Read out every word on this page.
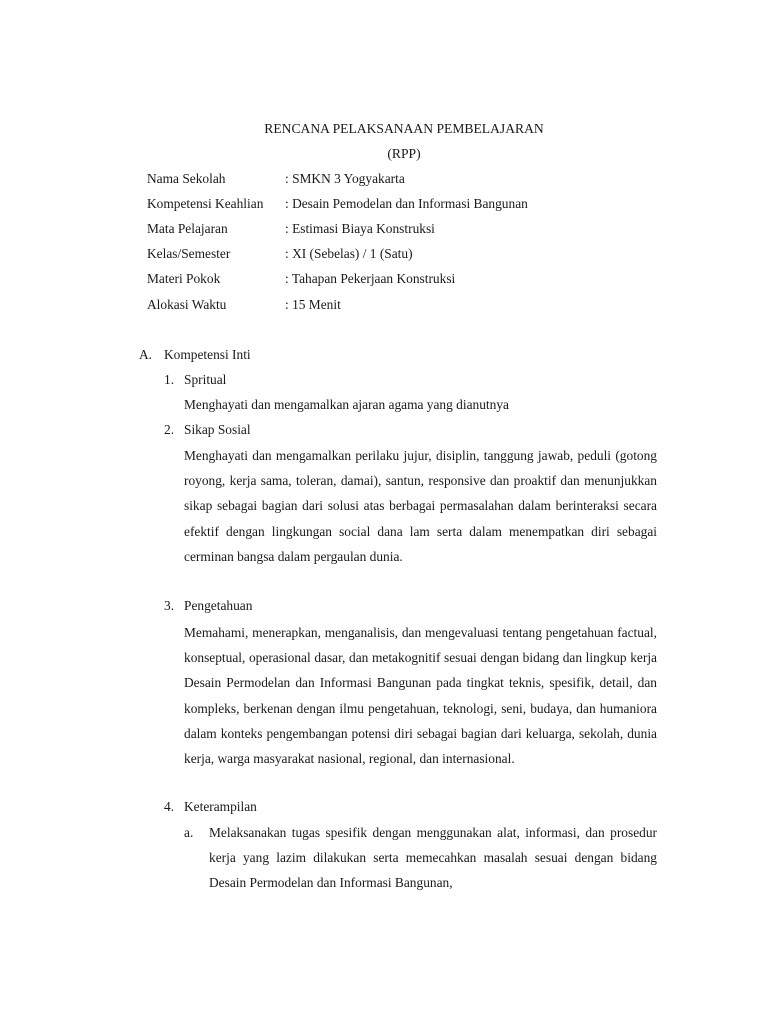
RENCANA PELAKSANAAN PEMBELAJARAN
(RPP)
Nama Sekolah	: SMKN 3 Yogyakarta
Kompetensi Keahlian : Desain Pemodelan dan Informasi Bangunan
Mata Pelajaran	: Estimasi Biaya Konstruksi
Kelas/Semester	: XI (Sebelas) / 1 (Satu)
Materi Pokok	: Tahapan Pekerjaan Konstruksi
Alokasi Waktu	: 15 Menit
A. Kompetensi Inti
1. Spritual
Menghayati dan mengamalkan ajaran agama yang dianutnya
2. Sikap Sosial
Menghayati dan mengamalkan perilaku jujur, disiplin, tanggung jawab, peduli (gotong royong, kerja sama, toleran, damai), santun, responsive dan proaktif dan menunjukkan sikap sebagai bagian dari solusi atas berbagai permasalahan dalam berinteraksi secara efektif dengan lingkungan social dana lam serta dalam menempatkan diri sebagai cerminan bangsa dalam pergaulan dunia.
3. Pengetahuan
Memahami, menerapkan, menganalisis, dan mengevaluasi tentang pengetahuan factual, konseptual, operasional dasar, dan metakognitif sesuai dengan bidang dan lingkup kerja Desain Permodelan dan Informasi Bangunan pada tingkat teknis, spesifik, detail, dan kompleks, berkenan dengan ilmu pengetahuan, teknologi, seni, budaya, dan humaniora dalam konteks pengembangan potensi diri sebagai bagian dari keluarga, sekolah, dunia kerja, warga masyarakat nasional, regional, dan internasional.
4. Keterampilan
a. Melaksanakan tugas spesifik dengan menggunakan alat, informasi, dan prosedur kerja yang lazim dilakukan serta memecahkan masalah sesuai dengan bidang Desain Permodelan dan Informasi Bangunan,
